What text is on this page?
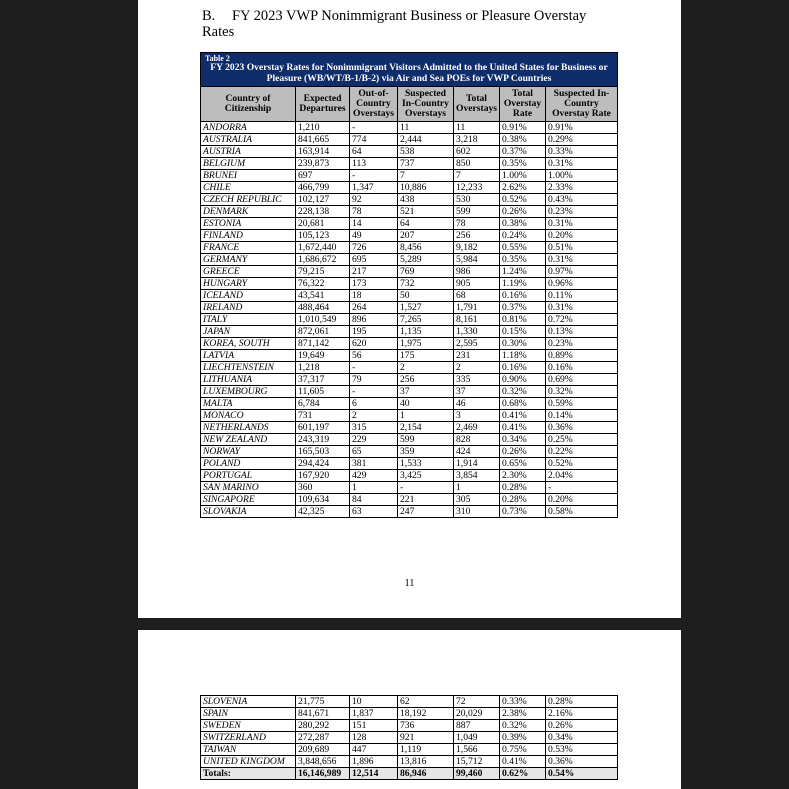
B. FY 2023 VWP Nonimmigrant Business or Pleasure Overstay Rates
Table 2
FY 2023 Overstay Rates for Nonimmigrant Visitors Admitted to the United States for Business or Pleasure (WB/WT/B-1/B-2) via Air and Sea POEs for VWP Countries						
Country of Citizenship	Expected Departures	Out-of-Country Overstays	Suspected In-Country Overstays	Total Overstays	Total Overstay Rate	Suspected In-Country Overstay Rate
ANDORRA	1,210	-	11	11	0.91%	0.91%
AUSTRALIA	841,665	774	2,444	3,218	0.38%	0.29%
AUSTRIA	163,914	64	538	602	0.37%	0.33%
BELGIUM	239,873	113	737	850	0.35%	0.31%
BRUNEI	697	-	7	7	1.00%	1.00%
CHILE	466,799	1,347	10,886	12,233	2.62%	2.33%
CZECH REPUBLIC	102,127	92	438	530	0.52%	0.43%
DENMARK	228,138	78	521	599	0.26%	0.23%
ESTONIA	20,681	14	64	78	0.38%	0.31%
FINLAND	105,123	49	207	256	0.24%	0.20%
FRANCE	1,672,440	726	8,456	9,182	0.55%	0.51%
GERMANY	1,686,672	695	5,289	5,984	0.35%	0.31%
GREECE	79,215	217	769	986	1.24%	0.97%
HUNGARY	76,322	173	732	905	1.19%	0.96%
ICELAND	43,541	18	50	68	0.16%	0.11%
IRELAND	488,464	264	1,527	1,791	0.37%	0.31%
ITALY	1,010,549	896	7,265	8,161	0.81%	0.72%
JAPAN	872,061	195	1,135	1,330	0.15%	0.13%
KOREA, SOUTH	871,142	620	1,975	2,595	0.30%	0.23%
LATVIA	19,649	56	175	231	1.18%	0.89%
LIECHTENSTEIN	1,218	-	2	2	0.16%	0.16%
LITHUANIA	37,317	79	256	335	0.90%	0.69%
LUXEMBOURG	11,605	-	37	37	0.32%	0.32%
MALTA	6,784	6	40	46	0.68%	0.59%
MONACO	731	2	1	3	0.41%	0.14%
NETHERLANDS	601,197	315	2,154	2,469	0.41%	0.36%
NEW ZEALAND	243,319	229	599	828	0.34%	0.25%
NORWAY	165,503	65	359	424	0.26%	0.22%
POLAND	294,424	381	1,533	1,914	0.65%	0.52%
PORTUGAL	167,920	429	3,425	3,854	2.30%	2.04%
SAN MARINO	360	1	-	1	0.28%	-
SINGAPORE	109,634	84	221	305	0.28%	0.20%
SLOVAKIA	42,325	63	247	310	0.73%	0.58%
11
SLOVENIA	21,775	10	62	72	0.33%	0.28%
SPAIN	841,671	1,837	18,192	20,029	2.38%	2.16%
SWEDEN	280,292	151	736	887	0.32%	0.26%
SWITZERLAND	272,287	128	921	1,049	0.39%	0.34%
TAIWAN	209,689	447	1,119	1,566	0.75%	0.53%
UNITED KINGDOM	3,848,656	1,896	13,816	15,712	0.41%	0.36%
Totals:	16,146,989	12,514	86,946	99,460	0.62%	0.54%
